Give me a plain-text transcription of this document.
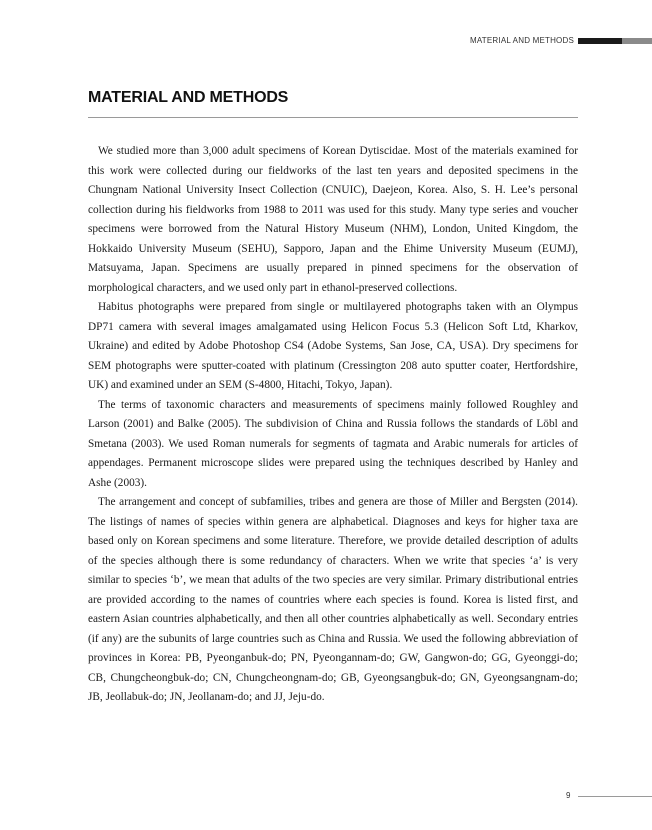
MATERIAL AND METHODS
MATERIAL AND METHODS

We studied more than 3,000 adult specimens of Korean Dytiscidae. Most of the materials examined for this work were collected during our fieldworks of the last ten years and deposited specimens in the Chungnam National University Insect Collection (CNUIC), Daejeon, Korea. Also, S. H. Lee’s personal collection during his fieldworks from 1988 to 2011 was used for this study. Many type series and voucher specimens were borrowed from the Natural History Museum (NHM), London, United Kingdom, the Hokkaido University Museum (SEHU), Sapporo, Japan and the Ehime University Museum (EUMJ), Matsuyama, Japan. Specimens are usually prepared in pinned specimens for the observation of morphological characters, and we used only part in ethanol-preserved collections.

Habitus photographs were prepared from single or multilayered photographs taken with an Olympus DP71 camera with several images amalgamated using Helicon Focus 5.3 (Helicon Soft Ltd, Kharkov, Ukraine) and edited by Adobe Photoshop CS4 (Adobe Systems, San Jose, CA, USA). Dry specimens for SEM photographs were sputter-coated with platinum (Cressington 208 auto sputter coater, Hertfordshire, UK) and examined under an SEM (S-4800, Hitachi, Tokyo, Japan).

The terms of taxonomic characters and measurements of specimens mainly followed Roughley and Larson (2001) and Balke (2005). The subdivision of China and Russia follows the standards of Löbl and Smetana (2003). We used Roman numerals for segments of tagmata and Arabic numerals for articles of appendages. Permanent microscope slides were prepared using the techniques described by Hanley and Ashe (2003).

The arrangement and concept of subfamilies, tribes and genera are those of Miller and Bergsten (2014). The listings of names of species within genera are alphabetical. Diagnoses and keys for higher taxa are based only on Korean specimens and some literature. Therefore, we provide detailed description of adults of the species although there is some redundancy of characters. When we write that species ‘a’ is very similar to species ‘b’, we mean that adults of the two species are very similar. Primary distributional entries are provided according to the names of countries where each species is found. Korea is listed first, and eastern Asian countries alphabetically, and then all other countries alphabetically as well. Secondary entries (if any) are the subunits of large countries such as China and Russia. We used the following abbreviation of provinces in Korea: PB, Pyeonganbuk-do; PN, Pyeongannam-do; GW, Gangwon-do; GG, Gyeonggi-do; CB, Chungcheongbuk-do; CN, Chungcheongnam-do; GB, Gyeongsangbuk-do; GN, Gyeongsangnam-do; JB, Jeollabuk-do; JN, Jeollanam-do; and JJ, Jeju-do.

9
